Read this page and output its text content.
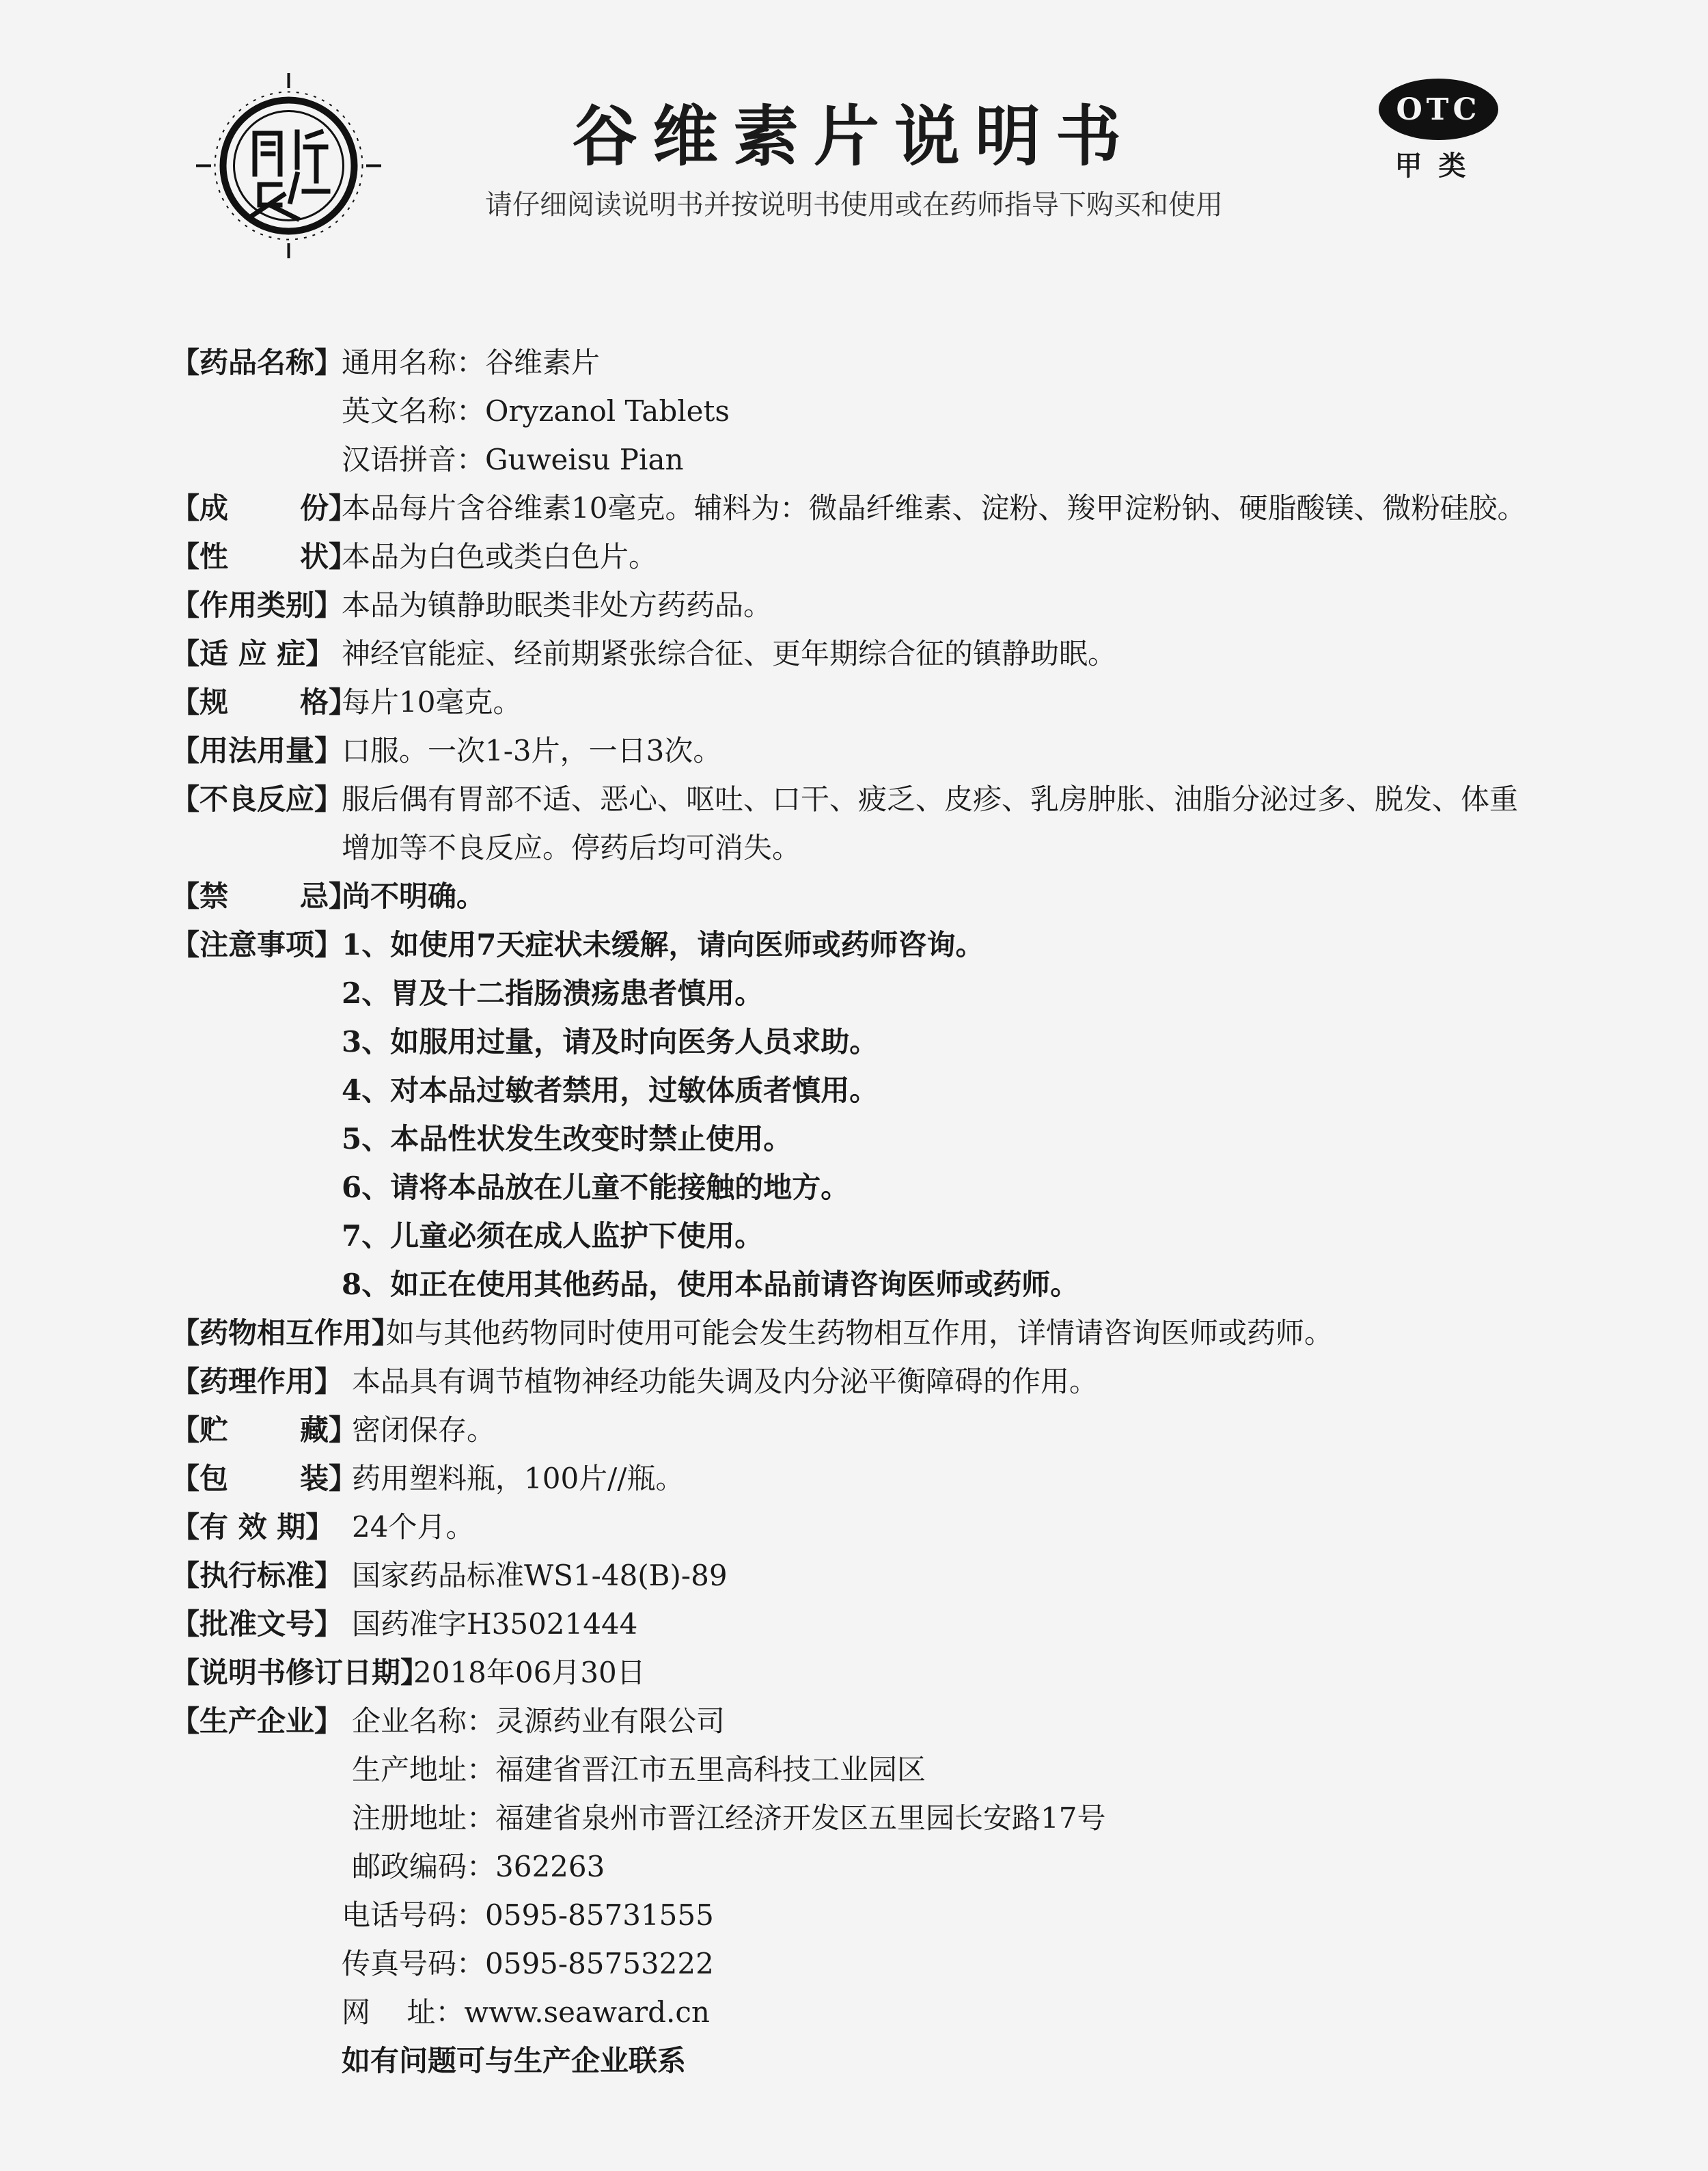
谷维素片说明书
请仔细阅读说明书并按说明书使用或在药师指导下购买和使用
OTC
甲类
【药品名称】
通用名称：谷维素片
英文名称：Oryzanol Tablets
汉语拼音：Guweisu Pian
【成	份】
本品每片含谷维素10毫克。辅料为：微晶纤维素、淀粉、羧甲淀粉钠、硬脂酸镁、微粉硅胶。
【性	状】
本品为白色或类白色片。
【作用类别】
本品为镇静助眠类非处方药药品。
【适 应 症】 神经官能症、经前期紧张综合征、更年期综合征的镇静助眠。
【规	格】
每片10毫克。
【用法用量】
口服。一次1-3片，一日3次。
【不良反应】
服后偶有胃部不适、恶心、呕吐、口干、疲乏、皮疹、乳房肿胀、油脂分泌过多、脱发、体重
增加等不良反应。停药后均可消失。
【禁	忌】
尚不明确。
【注意事项】
1、如使用7天症状未缓解，请向医师或药师咨询。
2、胃及十二指肠溃疡患者慎用。
3、如服用过量，请及时向医务人员求助。
4、对本品过敏者禁用，过敏体质者慎用。
5、本品性状发生改变时禁止使用。
6、请将本品放在儿童不能接触的地方。
7、儿童必须在成人监护下使用。
8、如正在使用其他药品，使用本品前请咨询医师或药师。
【药物相互作用】
如与其他药物同时使用可能会发生药物相互作用，详情请咨询医师或药师。
【药理作用】 本品具有调节植物神经功能失调及内分泌平衡障碍的作用。
【贮	藏】
密闭保存。
【包	装】
药用塑料瓶，100片//瓶。
【有 效 期】 24个月。
【执行标准】 国家药品标准WS1-48(B)-89
【批准文号】 国药准字H35021444
【说明书修订日期】
2018年06月30日
【生产企业】 企业名称：灵源药业有限公司
生产地址：福建省晋江市五里高科技工业园区
注册地址：福建省泉州市晋江经济开发区五里园长安路17号
邮政编码：362263
电话号码：0595-85731555
传真号码：0595-85753222
网    址：www.seaward.cn
如有问题可与生产企业联系
